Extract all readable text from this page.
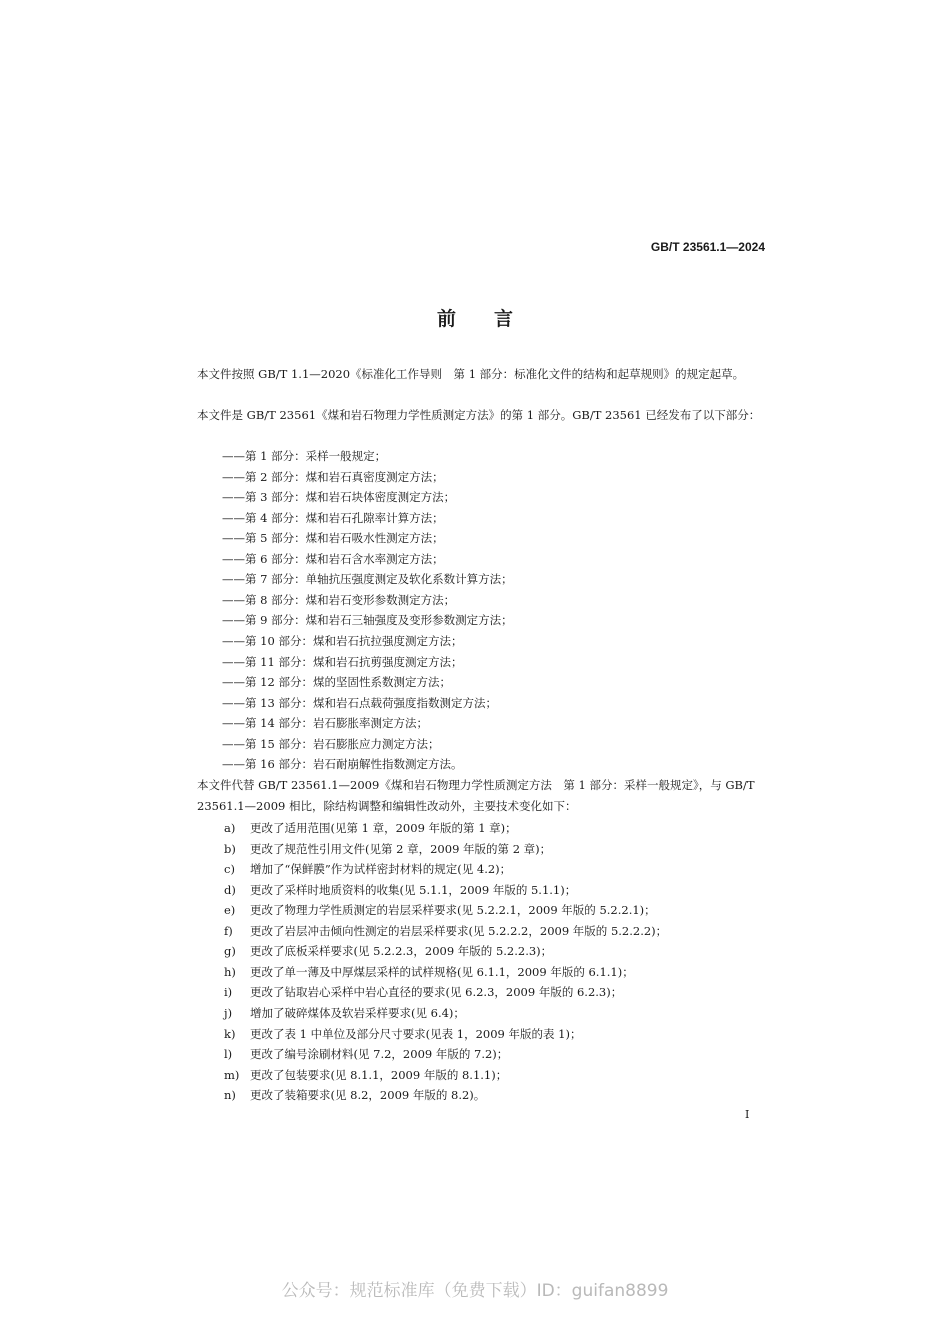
GB/T 23561.1—2024
前言

本文件按照 GB/T 1.1—2020《标准化工作导则　第 1 部分：标准化文件的结构和起草规则》的规定起草。

本文件是 GB/T 23561《煤和岩石物理力学性质测定方法》的第 1 部分。GB/T 23561 已经发布了以下部分：

——第 1 部分：采样一般规定；
——第 2 部分：煤和岩石真密度测定方法；
——第 3 部分：煤和岩石块体密度测定方法；
——第 4 部分：煤和岩石孔隙率计算方法；
——第 5 部分：煤和岩石吸水性测定方法；
——第 6 部分：煤和岩石含水率测定方法；
——第 7 部分：单轴抗压强度测定及软化系数计算方法；
——第 8 部分：煤和岩石变形参数测定方法；
——第 9 部分：煤和岩石三轴强度及变形参数测定方法；
——第 10 部分：煤和岩石抗拉强度测定方法；
——第 11 部分：煤和岩石抗剪强度测定方法；
——第 12 部分：煤的坚固性系数测定方法；
——第 13 部分：煤和岩石点载荷强度指数测定方法；
——第 14 部分：岩石膨胀率测定方法；
——第 15 部分：岩石膨胀应力测定方法；
——第 16 部分：岩石耐崩解性指数测定方法。

本文件代替 GB/T 23561.1—2009《煤和岩石物理力学性质测定方法　第 1 部分：采样一般规定》，与 GB/T 23561.1—2009 相比，除结构调整和编辑性改动外，主要技术变化如下：

a) 更改了适用范围(见第 1 章，2009 年版的第 1 章)；
b) 更改了规范性引用文件(见第 2 章，2009 年版的第 2 章)；
c) 增加了“保鲜膜”作为试样密封材料的规定(见 4.2)；
d) 更改了采样时地质资料的收集(见 5.1.1，2009 年版的 5.1.1)；
e) 更改了物理力学性质测定的岩层采样要求(见 5.2.2.1，2009 年版的 5.2.2.1)；
f) 更改了岩层冲击倾向性测定的岩层采样要求(见 5.2.2.2，2009 年版的 5.2.2.2)；
g) 更改了底板采样要求(见 5.2.2.3，2009 年版的 5.2.2.3)；
h) 更改了单一薄及中厚煤层采样的试样规格(见 6.1.1，2009 年版的 6.1.1)；
i) 更改了钻取岩心采样中岩心直径的要求(见 6.2.3，2009 年版的 6.2.3)；
j) 增加了破碎煤体及软岩采样要求(见 6.4)；
k) 更改了表 1 中单位及部分尺寸要求(见表 1，2009 年版的表 1)；
l) 更改了编号涂刷材料(见 7.2，2009 年版的 7.2)；
m) 更改了包装要求(见 8.1.1，2009 年版的 8.1.1)；
n) 更改了装箱要求(见 8.2，2009 年版的 8.2)。
I
公众号：规范标准库（免费下载）ID：guifan8899
